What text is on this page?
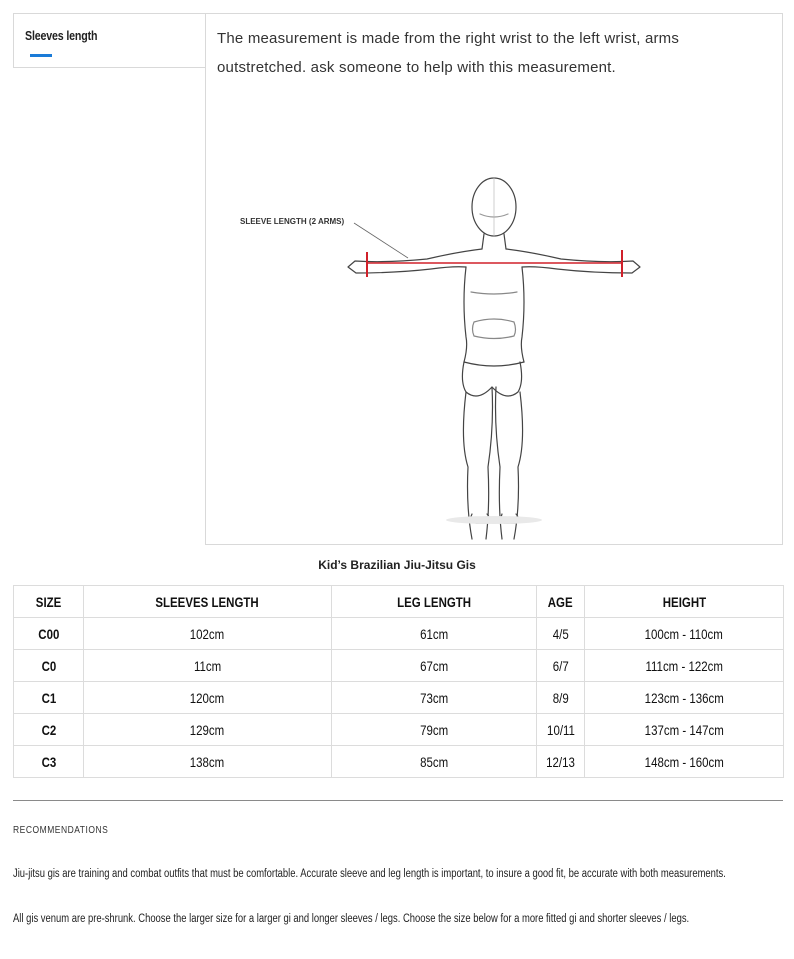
Sleeves length	The measurement is made from the right wrist to the left wrist, arms outstretched. ask someone to help with this measurement.
SLEEVE LENGTH (2 ARMS)
Kid’s Brazilian Jiu-Jitsu Gis
SIZE	SLEEVES LENGTH	LEG LENGTH	AGE	HEIGHT
C00	102cm	61cm	4/5	100cm - 110cm
C0	11cm	67cm	6/7	111cm - 122cm
C1	120cm	73cm	8/9	123cm - 136cm
C2	129cm	79cm	10/11	137cm - 147cm
C3	138cm	85cm	12/13	148cm - 160cm
RECOMMENDATIONS
Jiu-jitsu gis are training and combat outfits that must be comfortable. Accurate sleeve and leg length is important, to insure a good fit, be accurate with both measurements.
All gis venum are pre-shrunk. Choose the larger size for a larger gi and longer sleeves / legs. Choose the size below for a more fitted gi and shorter sleeves / legs.
